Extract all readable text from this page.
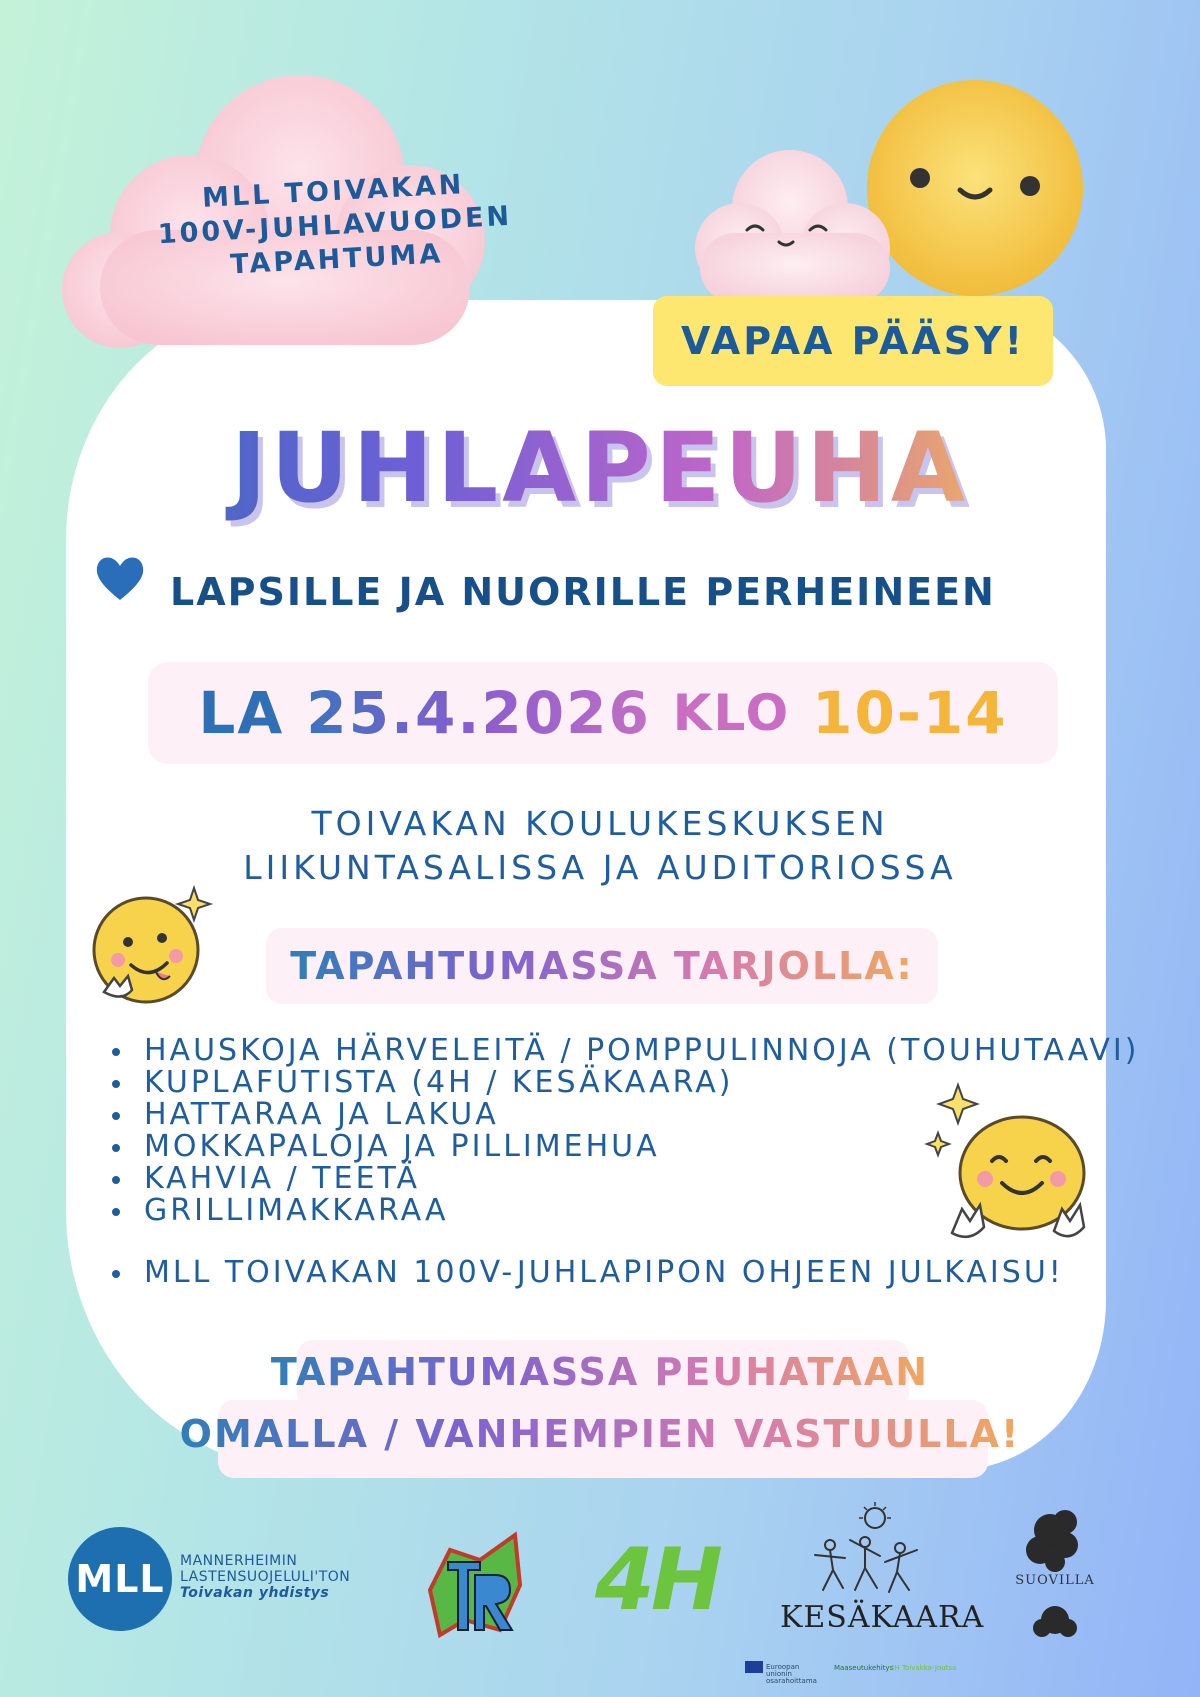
MLL TOIVAKAN
100V-JUHLAVUODEN
TAPAHTUMA
VAPAA PÄÄSY!
JUHLAPEUHA
LAPSILLE JA NUORILLE PERHEINEEN
LA 25.4.2026 KLO 10-14
TOIVAKAN KOULUKESKUKSEN
LIIKUNTASALISSA JA AUDITORIOSSA
TAPAHTUMASSA TARJOLLA:
HAUSKOJA HÄRVELEITÄ / POMPPULINNOJA (TOUHUTAAVI)
KUPLAFUTISTA (4H / KESÄKAARA)
HATTARAA JA LAKUA
MOKKAPALOJA JA PILLIMEHUA
KAHVIA / TEETÄ
GRILLIMAKKARAA
MLL TOIVAKAN 100V-JUHLAPIPON OHJEEN JULKAISU!
TAPAHTUMASSA PEUHATAAN
OMALLA / VANHEMPIEN VASTUULLA!
MLL	MANNERHEIMIN
LASTENSUOJELULI'TON
Toivakan yhdistys	4H KESÄKAARA
SUOVILLA
Euroopan unionin osarahoittama
Maaseutukehitys
4H Toivakka-Joutsa
